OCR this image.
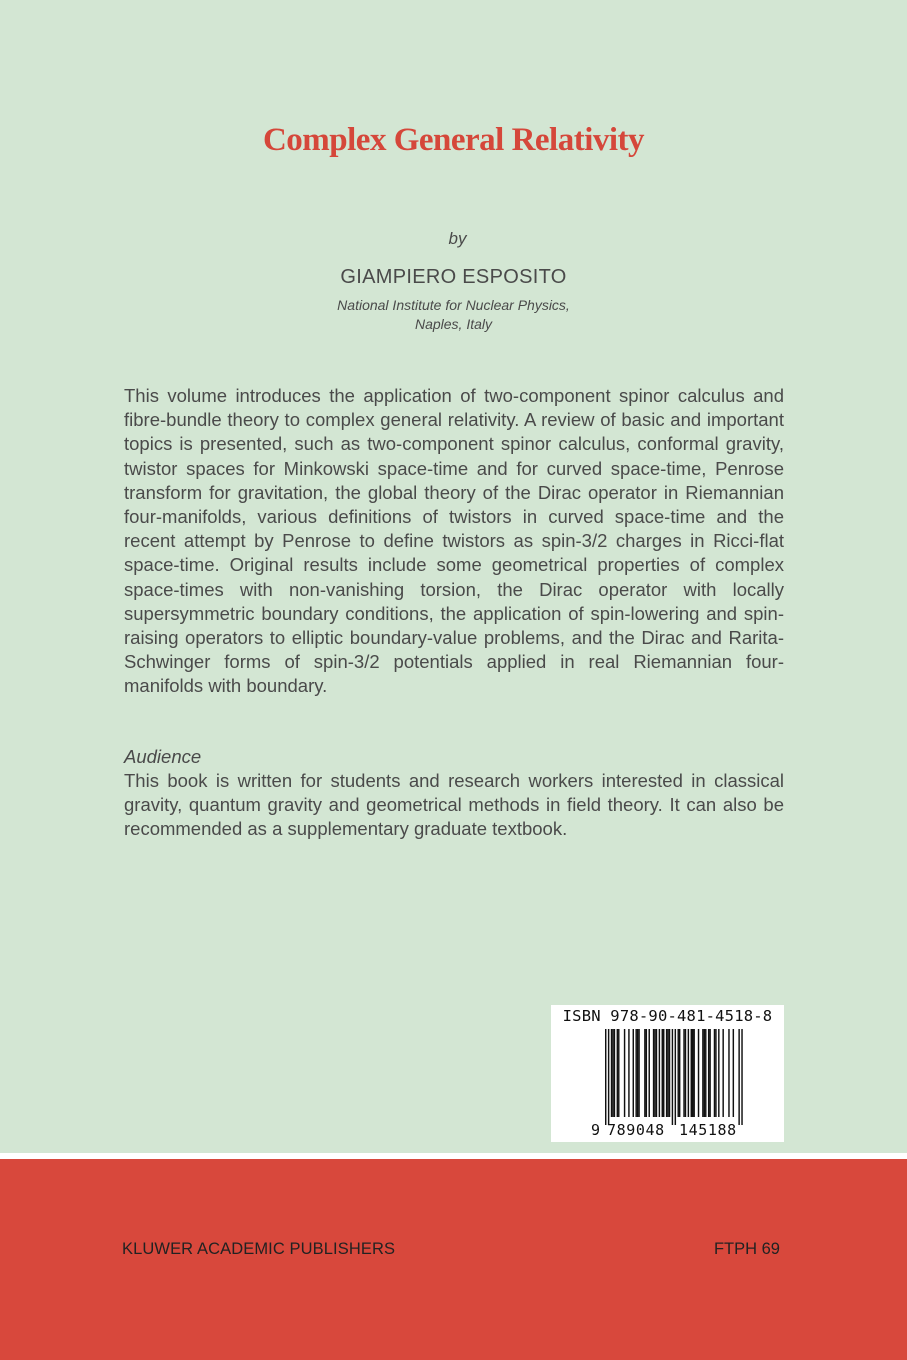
Complex General Relativity

by

GIAMPIERO ESPOSITO

National Institute for Nuclear Physics,

Naples, Italy

This volume introduces the application of two-component spinor calculus and fibre-bundle theory to complex general relativity. A review of basic and important topics is presented, such as two-component spinor calculus, conformal gravity, twistor spaces for Minkowski space-time and for curved space-time, Penrose transform for gravitation, the global theory of the Dirac operator in Riemannian four-manifolds, various definitions of twistors in curved space-time and the recent attempt by Penrose to define twistors as spin-3/2 charges in Ricci-flat space-time. Original results include some geometrical properties of complex space-times with non-vanishing torsion, the Dirac operator with locally supersymmetric boundary conditions, the application of spin-lowering and spin-raising operators to elliptic boundary-value problems, and the Dirac and Rarita-Schwinger forms of spin-3/2 potentials applied in real Riemannian four-manifolds with boundary.

Audience

This book is written for students and research workers interested in classical gravity, quantum gravity and geometrical methods in field theory. It can also be recommended as a supplementary graduate textbook.

ISBN 978-90-481-4518-8
9 789048 145188

KLUWER ACADEMIC PUBLISHERS	FTPH 69
